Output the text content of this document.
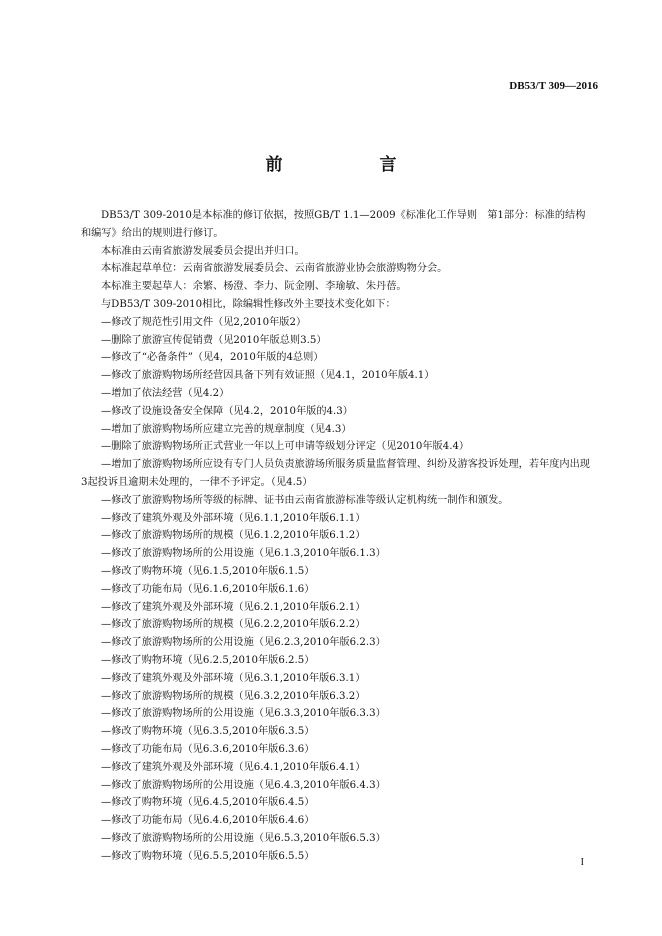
DB53/T 309—2016
前　言

DB53/T 309-2010是本标准的修订依据，按照GB/T 1.1—2009《标准化工作导则　第1部分：标准的结构和编写》给出的规则进行修订。

本标准由云南省旅游发展委员会提出并归口。

本标准起草单位：云南省旅游发展委员会、云南省旅游业协会旅游购物分会。

本标准主要起草人：余繁、杨澄、李力、阮金刚、李瑜敏、朱丹蓓。

与DB53/T 309-2010相比，除编辑性修改外主要技术变化如下：

—修改了规范性引用文件（见2,2010年版2）

—删除了旅游宣传促销费（见2010年版总则3.5）

—修改了“必备条件”（见4，2010年版的4总则）

—修改了旅游购物场所经营因具备下列有效证照（见4.1，2010年版4.1）

—增加了依法经营（见4.2）

—修改了设施设备安全保障（见4.2，2010年版的4.3）

—增加了旅游购物场所应建立完善的规章制度（见4.3）

—删除了旅游购物场所正式营业一年以上可申请等级划分评定（见2010年版4.4）

—增加了旅游购物场所应设有专门人员负责旅游场所服务质量监督管理、纠纷及游客投诉处理，若年度内出现3起投诉且逾期未处理的，一律不予评定。（见4.5）

—修改了旅游购物场所等级的标牌、证书由云南省旅游标准等级认定机构统一制作和颁发。

—修改了建筑外观及外部环境（见6.1.1,2010年版6.1.1）

—修改了旅游购物场所的规模（见6.1.2,2010年版6.1.2）

—修改了旅游购物场所的公用设施（见6.1.3,2010年版6.1.3）

—修改了购物环境（见6.1.5,2010年版6.1.5）

—修改了功能布局（见6.1.6,2010年版6.1.6）

—修改了建筑外观及外部环境（见6.2.1,2010年版6.2.1）

—修改了旅游购物场所的规模（见6.2.2,2010年版6.2.2）

—修改了旅游购物场所的公用设施（见6.2.3,2010年版6.2.3）

—修改了购物环境（见6.2.5,2010年版6.2.5）

—修改了建筑外观及外部环境（见6.3.1,2010年版6.3.1）

—修改了旅游购物场所的规模（见6.3.2,2010年版6.3.2）

—修改了旅游购物场所的公用设施（见6.3.3,2010年版6.3.3）

—修改了购物环境（见6.3.5,2010年版6.3.5）

—修改了功能布局（见6.3.6,2010年版6.3.6）

—修改了建筑外观及外部环境（见6.4.1,2010年版6.4.1）

—修改了旅游购物场所的公用设施（见6.4.3,2010年版6.4.3）

—修改了购物环境（见6.4.5,2010年版6.4.5）

—修改了功能布局（见6.4.6,2010年版6.4.6）

—修改了旅游购物场所的公用设施（见6.5.3,2010年版6.5.3）

—修改了购物环境（见6.5.5,2010年版6.5.5）

I
